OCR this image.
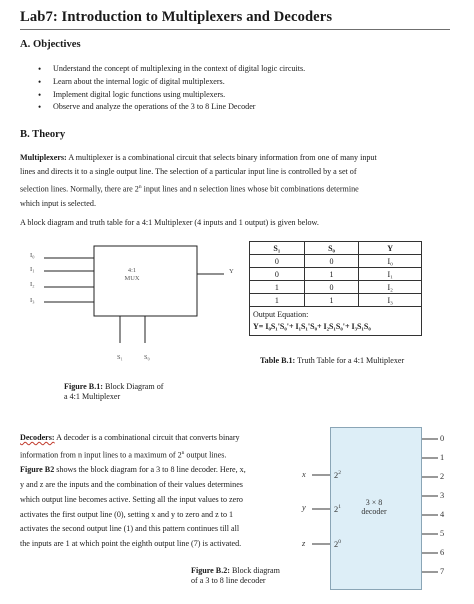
Lab7: Introduction to Multiplexers and Decoders
A. Objectives
• Understand the concept of multiplexing in the context of digital logic circuits.
• Learn about the internal logic of digital multiplexers.
• Implement digital logic functions using multiplexers.
• Observe and analyze the operations of the 3 to 8 Line Decoder
B. Theory
Multiplexers: A multiplexer is a combinational circuit that selects binary information from one of many input
lines and directs it to a single output line. The selection of a particular input line is controlled by a set of
selection lines. Normally, there are 2$^n$ input lines and n selection lines whose bit combinations determine
which input is selected.
A block diagram and truth table for a 4:1 Multiplexer (4 inputs and 1 output) is given below.
I₀
I₁
I₂
I₃
4:1
MUX
Y
S₁	S₀
Figure B.1: Block Diagram of
a 4:1 Multiplexer
S₁	S₀	Y
0	0	I₀
0	1	I₁
1	0	I₂
1	1	I₃

Output Equation:
Y= I₀S₁'S₀'+ I₁S₁'S₀+ I₂S₁S₀'+ I₃S₁S₀		
Table B.1: Truth Table for a 4:1 Multiplexer
Decoders: A decoder is a combinational circuit that converts binary
information from n input lines to a maximum of 2$^n$ output lines.
Figure B2 shows the block diagram for a 3 to 8 line decoder. Here, x,
y and z are the inputs and the combination of their values determines
which output line becomes active. Setting all the input values to zero
activates the first output line (0), setting x and y to zero and z to 1
activates the second output line (1) and this pattern continues till all
the inputs are 1 at which point the eighth output line (7) is activated.
x
y
z
$2^2$
$2^1$
$2^0$
3 × 8
decoder
0
1
2
3
4
5
6
7
Figure B.2: Block diagram
of a 3 to 8 line decoder
